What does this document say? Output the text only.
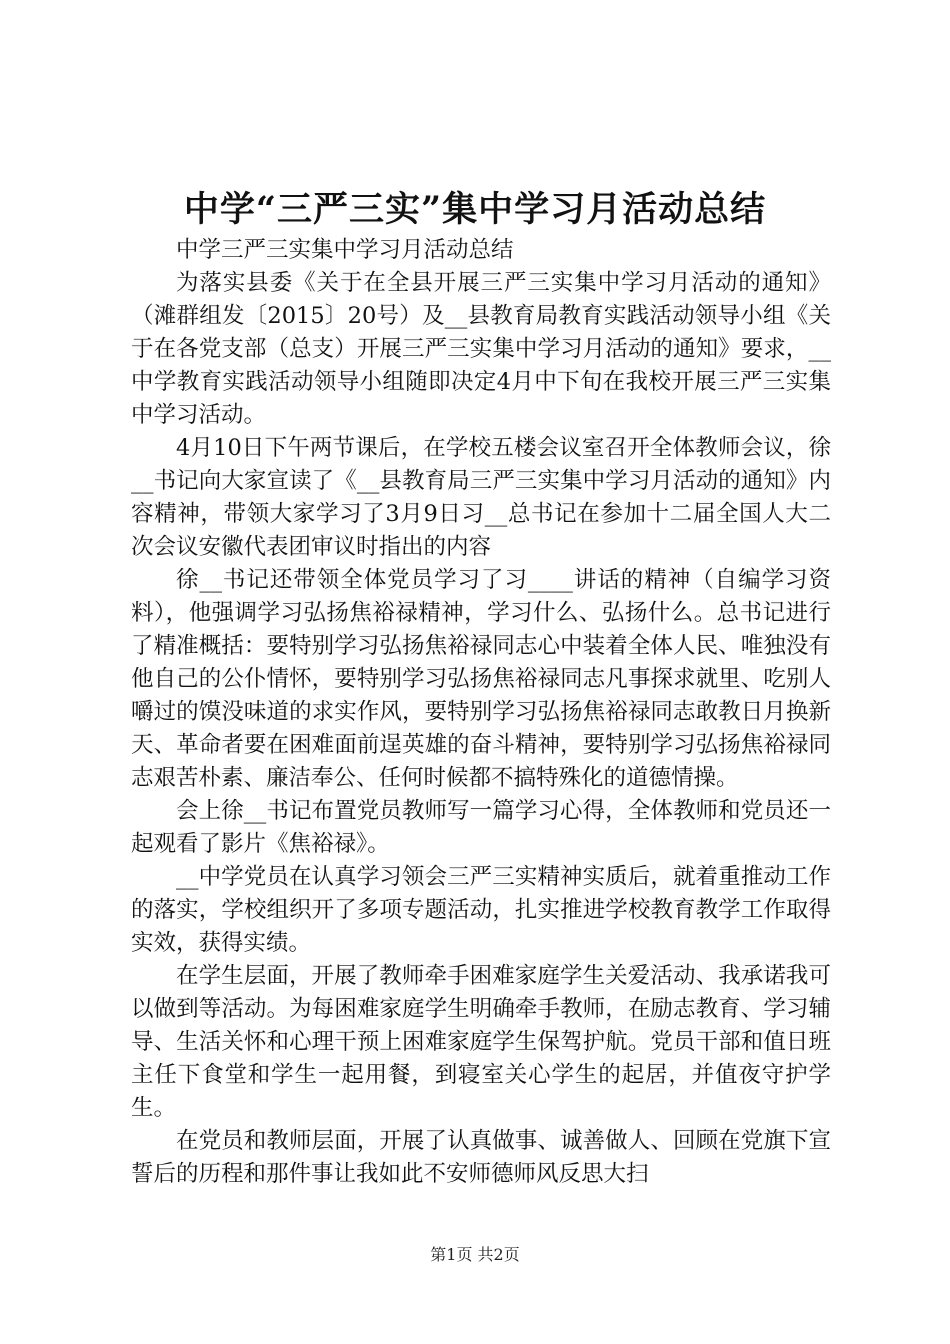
中学“三严三实”集中学习月活动总结

中学三严三实集中学习月活动总结

为落实县委《关于在全县开展三严三实集中学习月活动的通知》（滩群组发〔2015〕20号）及__县教育局教育实践活动领导小组《关于在各党支部（总支）开展三严三实集中学习月活动的通知》要求，__中学教育实践活动领导小组随即决定4月中下旬在我校开展三严三实集中学习活动。

4月10日下午两节课后，在学校五楼会议室召开全体教师会议，徐__书记向大家宣读了《__县教育局三严三实集中学习月活动的通知》内容精神，带领大家学习了3月9日习__总书记在参加十二届全国人大二次会议安徽代表团审议时指出的内容

徐__书记还带领全体党员学习了习____讲话的精神（自编学习资料），他强调学习弘扬焦裕禄精神，学习什么、弘扬什么。总书记进行了精准概括：要特别学习弘扬焦裕禄同志心中装着全体人民、唯独没有他自己的公仆情怀，要特别学习弘扬焦裕禄同志凡事探求就里、吃别人嚼过的馍没味道的求实作风，要特别学习弘扬焦裕禄同志敢教日月换新天、革命者要在困难面前逞英雄的奋斗精神，要特别学习弘扬焦裕禄同志艰苦朴素、廉洁奉公、任何时候都不搞特殊化的道德情操。

会上徐__书记布置党员教师写一篇学习心得，全体教师和党员还一起观看了影片《焦裕禄》。

__中学党员在认真学习领会三严三实精神实质后，就着重推动工作的落实，学校组织开了多项专题活动，扎实推进学校教育教学工作取得实效，获得实绩。

在学生层面，开展了教师牵手困难家庭学生关爱活动、我承诺我可以做到等活动。为每困难家庭学生明确牵手教师，在励志教育、学习辅导、生活关怀和心理干预上困难家庭学生保驾护航。党员干部和值日班主任下食堂和学生一起用餐，到寝室关心学生的起居，并值夜守护学生。

在党员和教师层面，开展了认真做事、诚善做人、回顾在党旗下宣誓后的历程和那件事让我如此不安师德师风反思大扫

第1页 共2页
